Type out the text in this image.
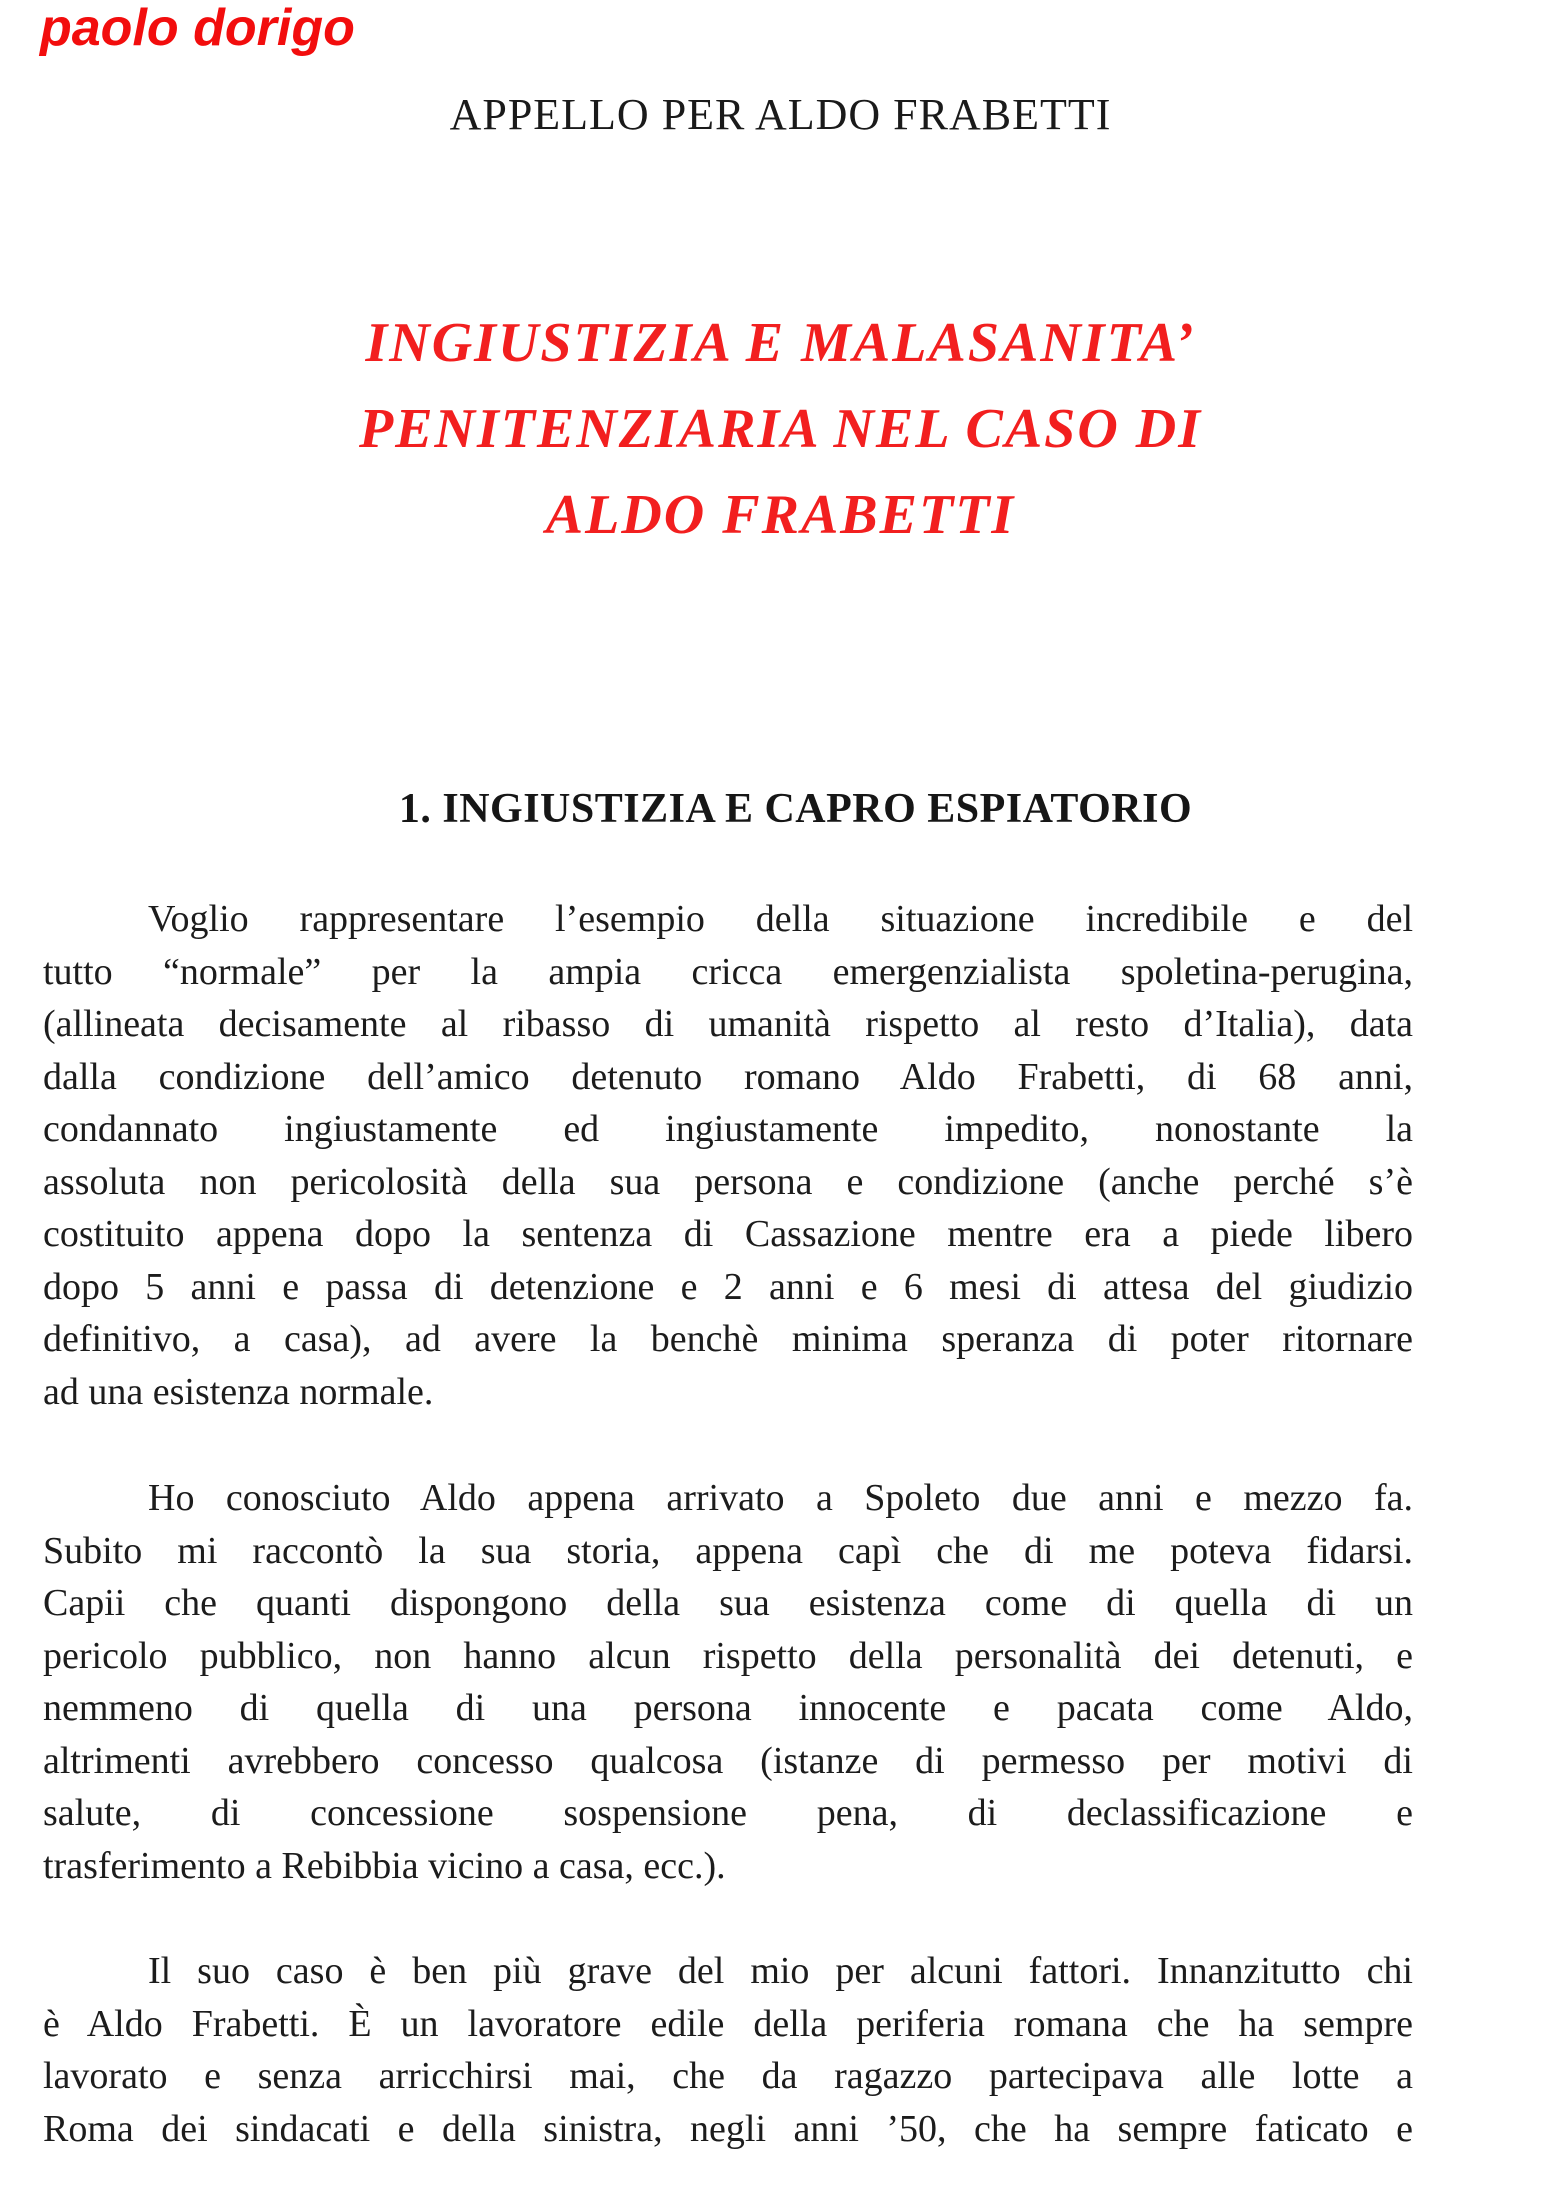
paolo dorigo
APPELLO PER ALDO FRABETTI
INGIUSTIZIA E MALASANITA’
PENITENZIARIA NEL CASO DI
ALDO FRABETTI
1. INGIUSTIZIA E CAPRO ESPIATORIO
Voglio rappresentare l’esempio della situazione incredibile e del
tutto “normale” per la ampia cricca emergenzialista spoletina-perugina,
(allineata decisamente al ribasso di umanità rispetto al resto d’Italia), data
dalla condizione dell’amico detenuto romano Aldo Frabetti, di 68 anni,
condannato ingiustamente ed ingiustamente impedito, nonostante la
assoluta non pericolosità della sua persona e condizione (anche perché s’è
costituito appena dopo la sentenza di Cassazione mentre era a piede libero
dopo 5 anni e passa di detenzione e 2 anni e 6 mesi di attesa del giudizio
definitivo, a casa), ad avere la benchè minima speranza di poter ritornare
ad una esistenza normale.
Ho conosciuto Aldo appena arrivato a Spoleto due anni e mezzo fa.
Subito mi raccontò la sua storia, appena capì che di me poteva fidarsi.
Capii che quanti dispongono della sua esistenza come di quella di un
pericolo pubblico, non hanno alcun rispetto della personalità dei detenuti, e
nemmeno di quella di una persona innocente e pacata come Aldo,
altrimenti avrebbero concesso qualcosa (istanze di permesso per motivi di
salute, di concessione sospensione pena, di declassificazione e
trasferimento a Rebibbia vicino a casa, ecc.).
Il suo caso è ben più grave del mio per alcuni fattori. Innanzitutto chi
è Aldo Frabetti. È un lavoratore edile della periferia romana che ha sempre
lavorato e senza arricchirsi mai, che da ragazzo partecipava alle lotte a
Roma dei sindacati e della sinistra, negli anni ’50, che ha sempre faticato e
